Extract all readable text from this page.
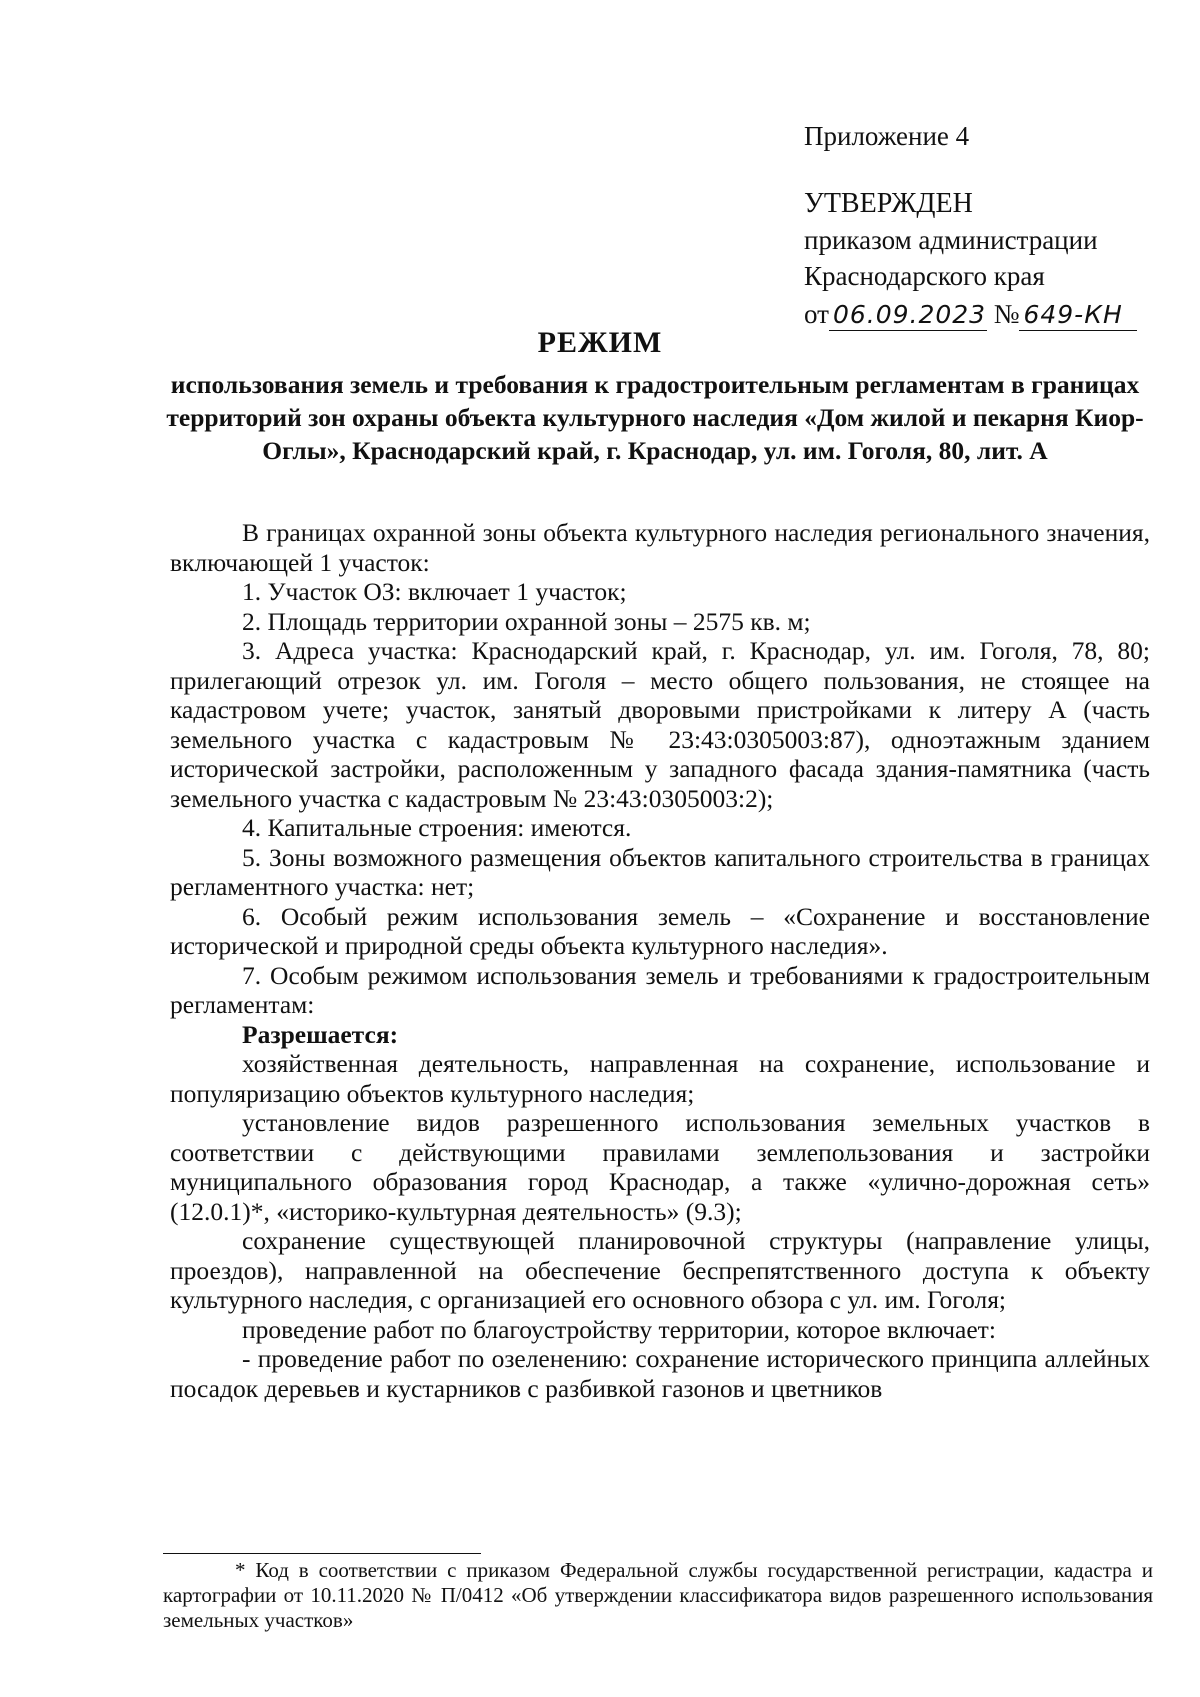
Приложение 4
УТВЕРЖДЕН
приказом администрации
Краснодарского края
от 06.09.2023 № 649-КН
РЕЖИМ
использования земель и требования к градостроительным регламентам в границах территорий зон охраны объекта культурного наследия «Дом жилой и пекарня Киор-Оглы», Краснодарский край, г. Краснодар, ул. им. Гоголя, 80, лит. А

В границах охранной зоны объекта культурного наследия регионального значения, включающей 1 участок:

1. Участок ОЗ: включает 1 участок;

2. Площадь территории охранной зоны – 2575 кв. м;

3. Адреса участка: Краснодарский край, г. Краснодар, ул. им. Гоголя, 78, 80; прилегающий отрезок ул. им. Гоголя – место общего пользования, не стоящее на кадастровом учете; участок, занятый дворовыми пристройками к литеру А (часть земельного участка с кадастровым № 23:43:0305003:87), одноэтажным зданием исторической застройки, расположенным у западного фасада здания-памятника (часть земельного участка с кадастровым № 23:43:0305003:2);

4. Капитальные строения: имеются.

5. Зоны возможного размещения объектов капитального строительства в границах регламентного участка: нет;

6. Особый режим использования земель – «Сохранение и восстановление исторической и природной среды объекта культурного наследия».

7. Особым режимом использования земель и требованиями к градостроительным регламентам:

Разрешается:

хозяйственная деятельность, направленная на сохранение, использование и популяризацию объектов культурного наследия;

установление видов разрешенного использования земельных участков в соответствии с действующими правилами землепользования и застройки муниципального образования город Краснодар, а также «улично-дорожная сеть» (12.0.1)*, «историко-культурная деятельность» (9.3);

сохранение существующей планировочной структуры (направление улицы, проездов), направленной на обеспечение беспрепятственного доступа к объекту культурного наследия, с организацией его основного обзора с ул. им. Гоголя;

проведение работ по благоустройству территории, которое включает:

- проведение работ по озеленению: сохранение исторического принципа аллейных посадок деревьев и кустарников с разбивкой газонов и цветников

* Код в соответствии с приказом Федеральной службы государственной регистрации, кадастра и картографии от 10.11.2020 № П/0412 «Об утверждении классификатора видов разрешенного использования земельных участков»
